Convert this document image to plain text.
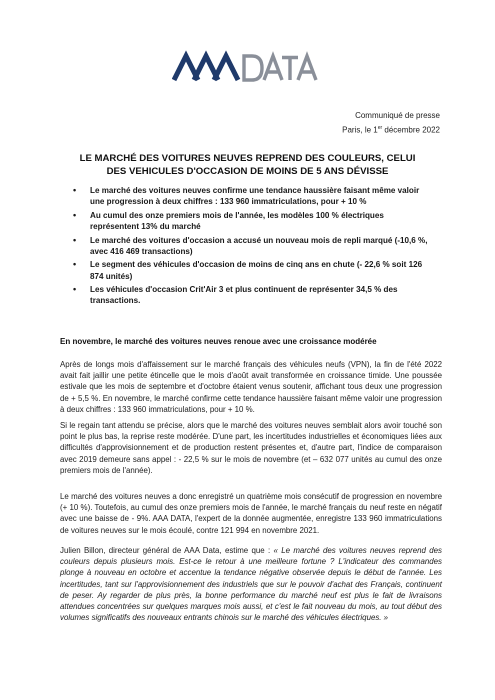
Communiqué de presse
Paris, le 1er décembre 2022
LE MARCHÉ DES VOITURES NEUVES REPREND DES COULEURS, CELUI DES VEHICULES D'OCCASION DE MOINS DE 5 ANS DÉVISSE
• Le marché des voitures neuves confirme une tendance haussière faisant même valoir une progression à deux chiffres : 133 960 immatriculations, pour + 10 %
• Au cumul des onze premiers mois de l'année, les modèles 100 % électriques représentent 13% du marché
• Le marché des voitures d'occasion a accusé un nouveau mois de repli marqué (-10,6 %, avec 416 469 transactions)
• Le segment des véhicules d'occasion de moins de cinq ans en chute (- 22,6 % soit 126 874 unités)
• Les véhicules d'occasion Crit'Air 3 et plus continuent de représenter 34,5 % des transactions.
En novembre, le marché des voitures neuves renoue avec une croissance modérée

Après de longs mois d'affaissement sur le marché français des véhicules neufs (VPN), la fin de l'été 2022 avait fait jaillir une petite étincelle que le mois d'août avait transformée en croissance timide. Une poussée estivale que les mois de septembre et d'octobre étaient venus soutenir, affichant tous deux une progression de + 5,5 %. En novembre, le marché confirme cette tendance haussière faisant même valoir une progression à deux chiffres : 133 960 immatriculations, pour + 10 %.

Si le regain tant attendu se précise, alors que le marché des voitures neuves semblait alors avoir touché son point le plus bas, la reprise reste modérée. D'une part, les incertitudes industrielles et économiques liées aux difficultés d'approvisionnement et de production restent présentes et, d'autre part, l'indice de comparaison avec 2019 demeure sans appel : - 22,5 % sur le mois de novembre (et – 632 077 unités au cumul des onze premiers mois de l'année).

Le marché des voitures neuves a donc enregistré un quatrième mois consécutif de progression en novembre (+ 10 %). Toutefois, au cumul des onze premiers mois de l'année, le marché français du neuf reste en négatif avec une baisse de - 9%. AAA DATA, l'expert de la donnée augmentée, enregistre 133 960 immatriculations de voitures neuves sur le mois écoulé, contre 121 994 en novembre 2021.

Julien Billon, directeur général de AAA Data, estime que : « Le marché des voitures neuves reprend des couleurs depuis plusieurs mois. Est-ce le retour à une meilleure fortune ? L'indicateur des commandes plonge à nouveau en octobre et accentue la tendance négative observée depuis le début de l'année. Les incertitudes, tant sur l'approvisionnement des industriels que sur le pouvoir d'achat des Français, continuent de peser. Ay regarder de plus près, la bonne performance du marché neuf est plus le fait de livraisons attendues concentrées sur quelques marques mois aussi, et c'est le fait nouveau du mois, au tout début des volumes significatifs des nouveaux entrants chinois sur le marché des véhicules électriques. »
